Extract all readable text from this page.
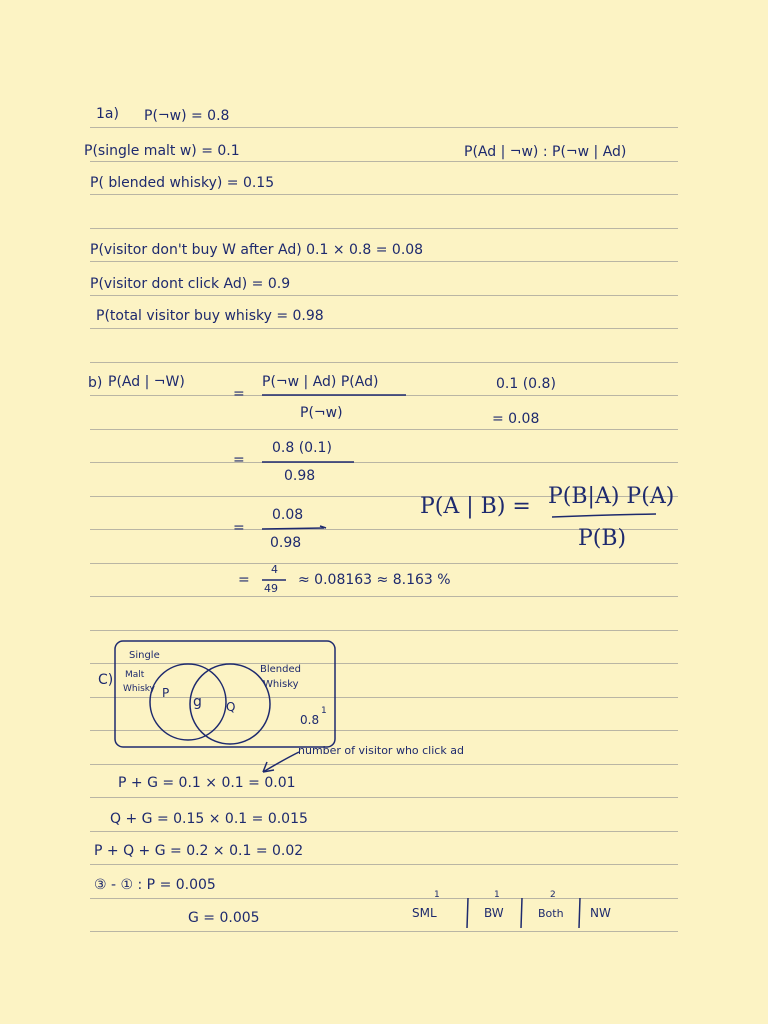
1a) P(¬w) = 0.8
P(single malt w) = 0.1	P(Ad | ¬w) : P(¬w | Ad)
P( blended whisky) = 0.15
P(visitor don't buy W after Ad) 0.1 × 0.8 = 0.08
P(visitor dont click Ad) = 0.9
P(total visitor buy whisky = 0.98
b) P(Ad | ¬W)
=
P(¬w | Ad) P(Ad)
P(¬w)
0.1 (0.8)
= 0.08
=
0.8 (0.1)
0.98
=
0.08
0.98
P(A | B) = P(B|A) P(A)
P(B)
=
4
49
≈ 0.08163 ≈ 8.163 %
C)
Single
Malt
Whisky
Blended
Whisky
P
g Q
0.8
1
number of visitor who click ad
P + G = 0.1 × 0.1 = 0.01
Q + G = 0.15 × 0.1 = 0.015
P + Q + G = 0.2 × 0.1 = 0.02
③ - ① : P = 0.005
G = 0.005
1	1	2
SML	BW	Both NW
